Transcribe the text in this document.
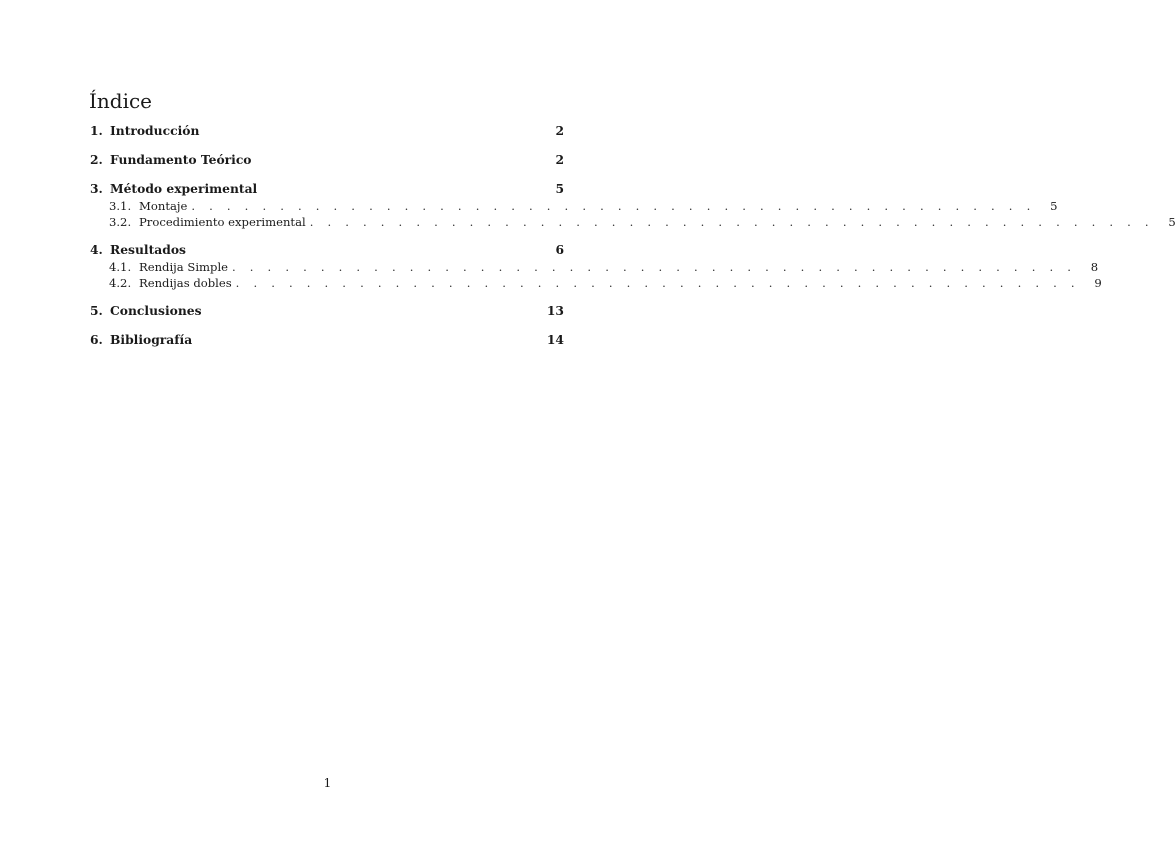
Índice
1. Introducción	2
2. Fundamento Teórico	2
3. Método experimental	5
3.1. Montaje . . . . . . . . . . . . . . . . . . . . . . . . . . . . . . . . . . . . . . . . . . . . . . . .	5
3.2. Procedimiento experimental . . . . . . . . . . . . . . . . . . . . . . . . . . . . . . . . . . . . . . . . . . . . . . . .	5
4. Resultados	6
4.1. Rendija Simple . . . . . . . . . . . . . . . . . . . . . . . . . . . . . . . . . . . . . . . . . . . . . . . .	8
4.2. Rendijas dobles . . . . . . . . . . . . . . . . . . . . . . . . . . . . . . . . . . . . . . . . . . . . . . . .	9
5. Conclusiones	13
6. Bibliografía	14
1
